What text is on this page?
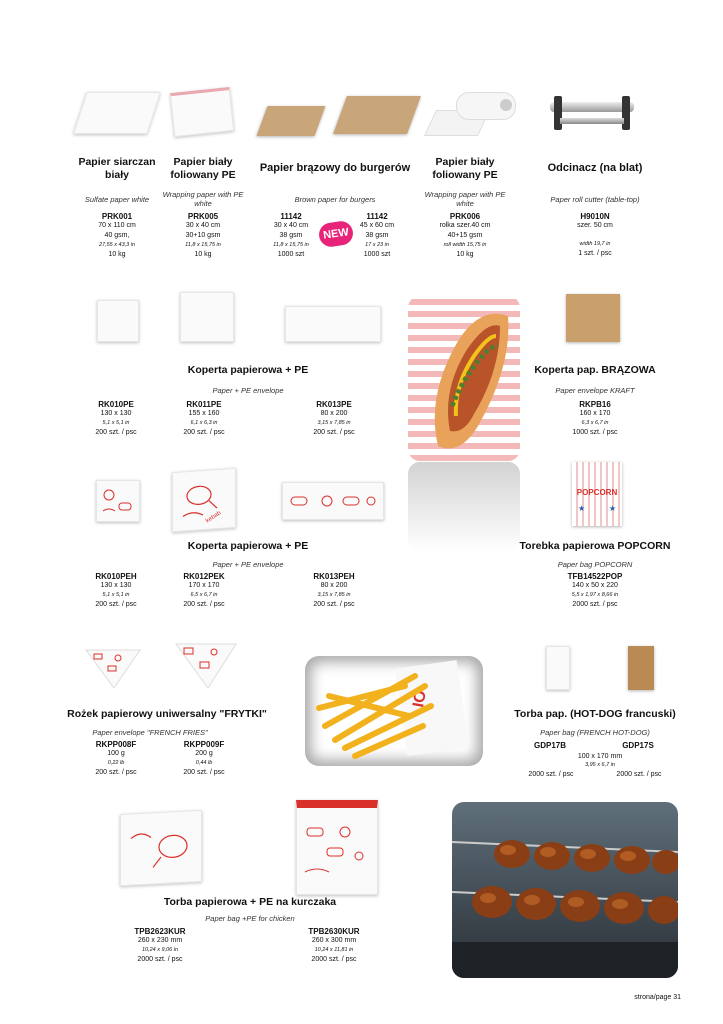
Papier siarczan biały
Sulfate paper white
PRK001
70 x 110 cm
40 gsm,
27,55 x 43,3 in
10 kg
Papier biały foliowany PE
Wrapping paper with PE white
PRK005
30 x 40 cm
30+10 gsm
11,8 x 15,75 in
10 kg
Papier brązowy do burgerów
Brown paper for burgers
11142
30 x 40 cm
38 gsm
11,8 x 15,75 in
1000 szt
NEW
11142
45 x 60 cm
38 gsm
17 x 23 in
1000 szt
Papier biały foliowany PE
Wrapping paper with PE white
PRK006
rolka szer.40 cm
40+15 gsm
roll width 15,75 in
10 kg
Odcinacz (na blat)
Paper roll cutter (table-top)
H9010N
szer. 50 cm
width 19,7 in
1 szt. / psc
Koperta papierowa + PE
Paper + PE envelope
RK010PE
130 x 130
5,1 x 5,1 in
200 szt. / psc
RK011PE
155 x 160
6,1 x 6,3 in
200 szt. / psc
RK013PE
80 x 200
3,15 x 7,85 in
200 szt. / psc
Koperta pap. BRĄZOWA
Paper envelope KRAFT
RKPB16
160 x 170
6,3 x 6,7 in
1000 szt. / psc
kebab
POPCORN
★	★
Koperta papierowa + PE
Paper + PE envelope
RK010PEH
130 x 130
5,1 x 5,1 in
200 szt. / psc
RK012PEK
170 x 170
6,5 x 6,7 in
200 szt. / psc
RK013PEH
80 x 200
3,15 x 7,85 in
200 szt. / psc
Torebka papierowa POPCORN
Paper bag POPCORN
TFB14522POP
140 x 50 x 220
5,5 x 1,97 x 8,66 in
2000 szt. / psc
IO
Rożek papierowy uniwersalny "FRYTKI"
Paper envelope "FRENCH FRIES"
RKPP008F
100 g
0,22 lb
200 szt. / psc
RKPP009F
200 g
0,44 lb
200 szt. / psc
Torba pap. (HOT-DOG francuski)
Paper bag (FRENCH HOT-DOG)
GDP17B	GDP17S
100 x 170 mm
3,95 x 6,7 in
2000 szt. / psc	2000 szt. / psc
Torba papierowa + PE na kurczaka
Paper bag +PE for chicken
TPB2623KUR
260 x 230 mm
10,24 x 9,06 in
2000 szt. / psc
TPB2630KUR
260 x 300 mm
10,24 x 11,81 in
2000 szt. / psc
strona/page 31
